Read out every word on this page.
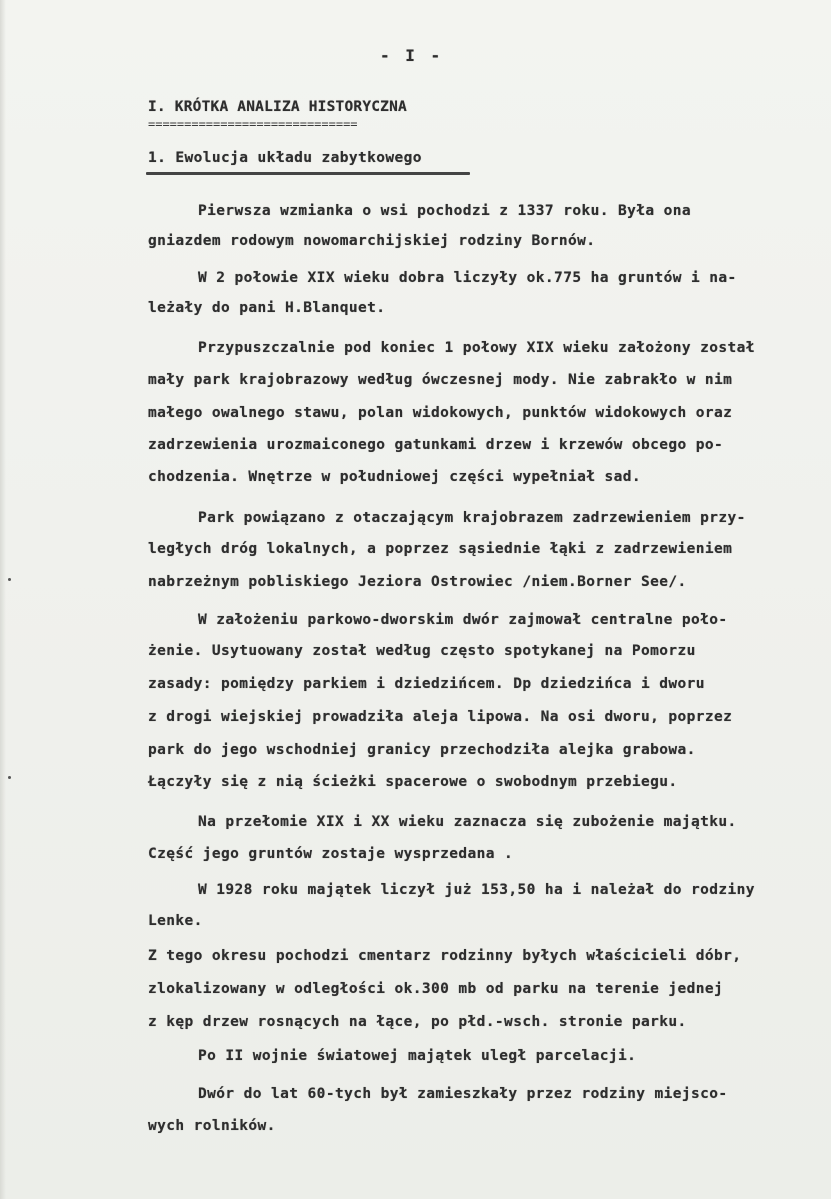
- I -
I. KRÓTKA ANALIZA HISTORYCZNA
=============================
1. Ewolucja układu zabytkowego
Pierwsza wzmianka o wsi pochodzi z 1337 roku. Była ona
gniazdem rodowym nowomarchijskiej rodziny Bornów.
W 2 połowie XIX wieku dobra liczyły ok.775 ha gruntów i na-
leżały do pani H.Blanquet.
Przypuszczalnie pod koniec 1 połowy XIX wieku założony został
mały park krajobrazowy według ówczesnej mody. Nie zabrakło w nim
małego owalnego stawu, polan widokowych, punktów widokowych oraz
zadrzewienia urozmaiconego gatunkami drzew i krzewów obcego po-
chodzenia. Wnętrze w południowej części wypełniał sad.
Park powiązano z otaczającym krajobrazem zadrzewieniem przy-
ległych dróg lokalnych, a poprzez sąsiednie łąki z zadrzewieniem
nabrzeżnym pobliskiego Jeziora Ostrowiec /niem.Borner See/.
W założeniu parkowo-dworskim dwór zajmował centralne poło-
żenie. Usytuowany został według często spotykanej na Pomorzu
zasady: pomiędzy parkiem i dziedzińcem. Dp dziedzińca i dworu
z drogi wiejskiej prowadziła aleja lipowa. Na osi dworu, poprzez
park do jego wschodniej granicy przechodziła alejka grabowa.
Łączyły się z nią ścieżki spacerowe o swobodnym przebiegu.
Na przełomie XIX i XX wieku zaznacza się zubożenie majątku.
Część jego gruntów zostaje wysprzedana .
W 1928 roku majątek liczył już 153,50 ha i należał do rodziny
Lenke.
Z tego okresu pochodzi cmentarz rodzinny byłych właścicieli dóbr,
zlokalizowany w odległości ok.300 mb od parku na terenie jednej
z kęp drzew rosnących na łące, po płd.-wsch. stronie parku.
Po II wojnie światowej majątek uległ parcelacji.
Dwór do lat 60-tych był zamieszkały przez rodziny miejsco-
wych rolników.
